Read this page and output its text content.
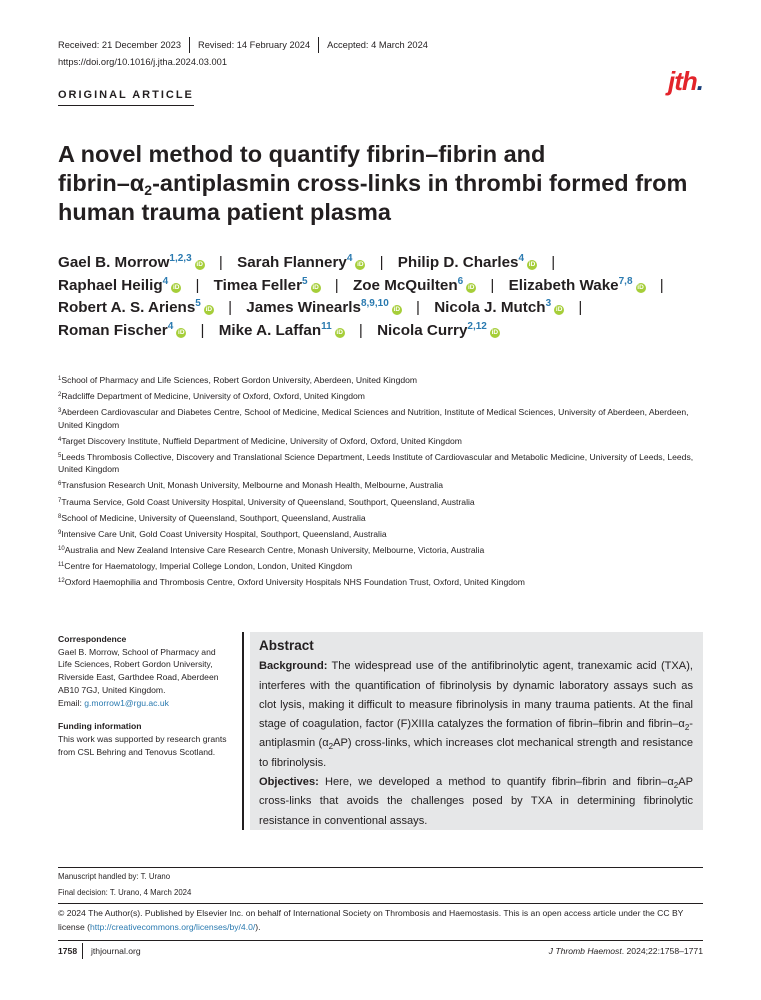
Received: 21 December 2023 Revised: 14 February 2024 Accepted: 4 March 2024
https://doi.org/10.1016/j.jtha.2024.03.001
ORIGINAL ARTICLE	jth.
A novel method to quantify fibrin–fibrin and
fibrin–$\alpha_2$-antiplasmin cross-links in thrombi formed from
human trauma patient plasma
Gael B. Morrow$^{1,2,3}$iD | Sarah Flannery$^4$iD | Philip D. Charles$^4$iD |
Raphael Heilig$^4$iD | Timea Feller$^5$iD | Zoe McQuilten$^6$iD | Elizabeth Wake$^{7,8}$iD |
Robert A. S. Ariens$^5$iD | James Winearls$^{8,9,10}$iD | Nicola J. Mutch$^3$iD |
Roman Fischer$^4$iD | Mike A. Laffan$^{11}$iD | Nicola Curry$^{2,12}$iD
$^1$School of Pharmacy and Life Sciences, Robert Gordon University, Aberdeen, United Kingdom
$^2$Radcliffe Department of Medicine, University of Oxford, Oxford, United Kingdom
$^3$Aberdeen Cardiovascular and Diabetes Centre, School of Medicine, Medical Sciences and Nutrition, Institute of Medical Sciences, University of Aberdeen, Aberdeen, United Kingdom
$^4$Target Discovery Institute, Nuffield Department of Medicine, University of Oxford, Oxford, United Kingdom
$^5$Leeds Thrombosis Collective, Discovery and Translational Science Department, Leeds Institute of Cardiovascular and Metabolic Medicine, University of Leeds, Leeds, United Kingdom
$^6$Transfusion Research Unit, Monash University, Melbourne and Monash Health, Melbourne, Australia
$^7$Trauma Service, Gold Coast University Hospital, University of Queensland, Southport, Queensland, Australia
$^8$School of Medicine, University of Queensland, Southport, Queensland, Australia
$^9$Intensive Care Unit, Gold Coast University Hospital, Southport, Queensland, Australia
$^{10}$Australia and New Zealand Intensive Care Research Centre, Monash University, Melbourne, Victoria, Australia
$^{11}$Centre for Haematology, Imperial College London, London, United Kingdom
$^{12}$Oxford Haemophilia and Thrombosis Centre, Oxford University Hospitals NHS Foundation Trust, Oxford, United Kingdom
Correspondence
Gael B. Morrow, School of Pharmacy and
Life Sciences, Robert Gordon University,
Riverside East, Garthdee Road, Aberdeen
AB10 7GJ, United Kingdom.
Email: g.morrow1@rgu.ac.uk
Funding information
This work was supported by research grants
from CSL Behring and Tenovus Scotland.
Abstract

Background: The widespread use of the antifibrinolytic agent, tranexamic acid (TXA), interferes with the quantification of fibrinolysis by dynamic laboratory assays such as clot lysis, making it difficult to measure fibrinolysis in many trauma patients. At the final stage of coagulation, factor (F)XIIIa catalyzes the formation of fibrin–fibrin and fibrin–$\alpha_2$-antiplasmin $(\alpha_2AP)$ cross-links, which increases clot mechanical strength and resistance to fibrinolysis.

Objectives: Here, we developed a method to quantify fibrin–fibrin and fibrin–$\alpha_2AP$ cross-links that avoids the challenges posed by TXA in determining fibrinolytic resistance in conventional assays.

Manuscript handled by: T. Urano
Final decision: T. Urano, 4 March 2024
© 2024 The Author(s). Published by Elsevier Inc. on behalf of International Society on Thrombosis and Haemostasis. This is an open access article under the CC BY license (http://creativecommons.org/licenses/by/4.0/).
1758 jthjournal.org	J Thromb Haemost. 2024;22:1758–1771
